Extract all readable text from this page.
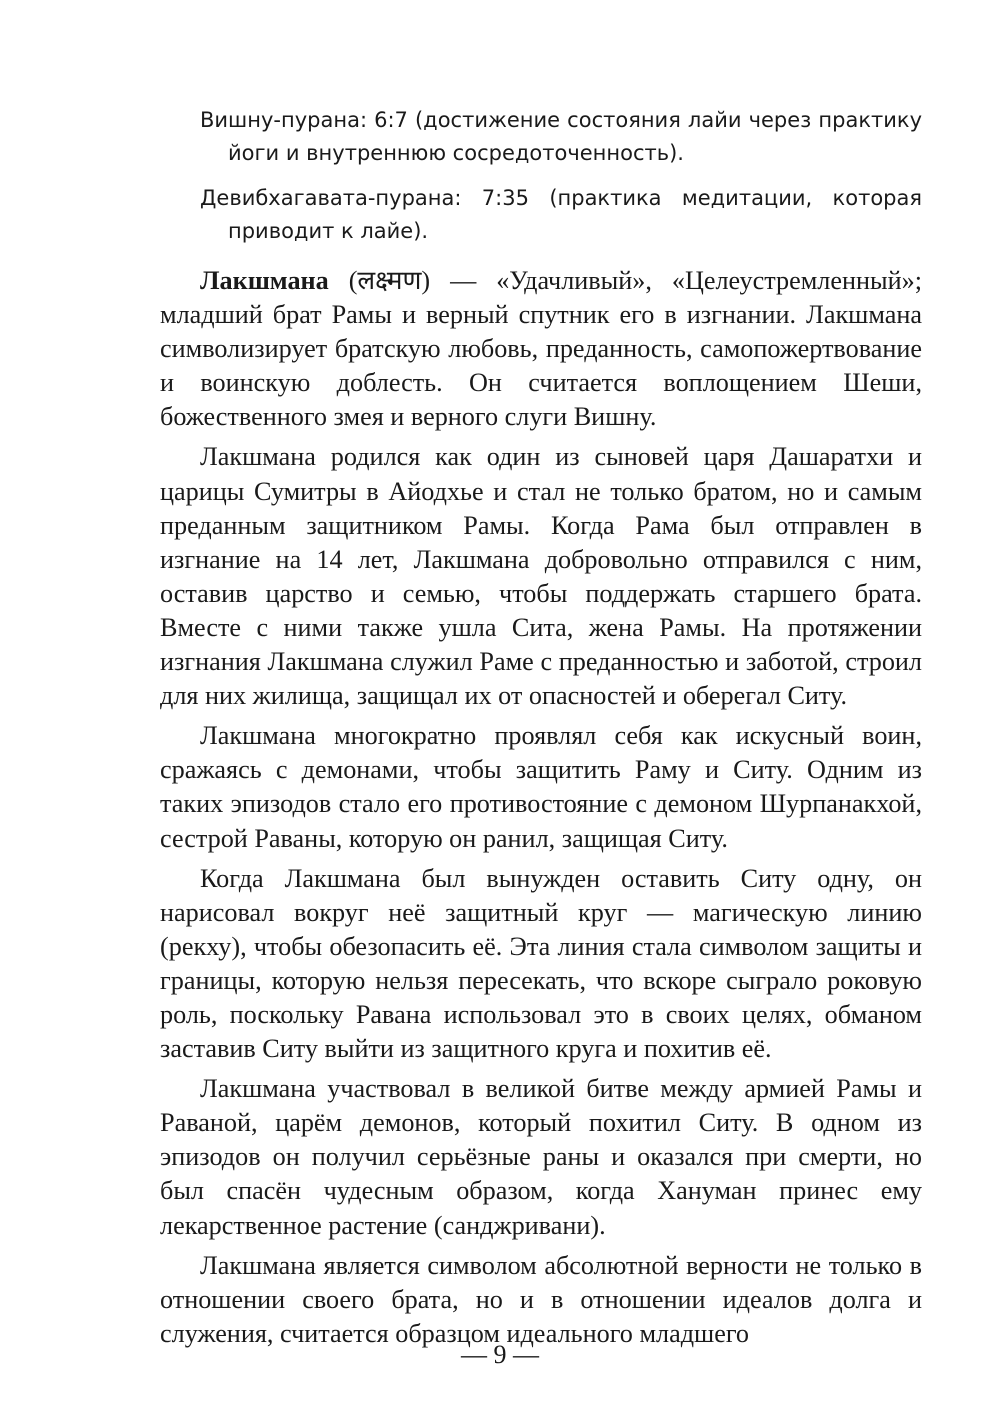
Вишну-пурана: 6:7 (достижение состояния лайи через практику йоги и внутреннюю сосредоточенность).

Девибхагавата-пурана: 7:35 (практика медитации, которая приводит к лайе).

Лакшмана (लक्ष्मण) — «Удачливый», «Целеустремленный»; младший брат Рамы и верный спутник его в изгнании. Лакшмана символизирует братскую любовь, преданность, самопожертвование и воинскую доблесть. Он считается воплощением Шеши, божественного змея и верного слуги Вишну.

Лакшмана родился как один из сыновей царя Дашаратхи и царицы Сумитры в Айодхье и стал не только братом, но и самым преданным защитником Рамы. Когда Рама был отправлен в изгнание на 14 лет, Лакшмана добровольно отправился с ним, оставив царство и семью, чтобы поддержать старшего брата. Вместе с ними также ушла Сита, жена Рамы. На протяжении изгнания Лакшмана служил Раме с преданностью и заботой, строил для них жилища, защищал их от опасностей и оберегал Ситу.

Лакшмана многократно проявлял себя как искусный воин, сражаясь с демонами, чтобы защитить Раму и Ситу. Одним из таких эпизодов стало его противостояние с демоном Шурпанакхой, сестрой Раваны, которую он ранил, защищая Ситу.

Когда Лакшмана был вынужден оставить Ситу одну, он нарисовал вокруг неё защитный круг — магическую линию (рекху), чтобы обезопасить её. Эта линия стала символом защиты и границы, которую нельзя пересекать, что вскоре сыграло роковую роль, поскольку Равана использовал это в своих целях, обманом заставив Ситу выйти из защитного круга и похитив её.

Лакшмана участвовал в великой битве между армией Рамы и Раваной, царём демонов, который похитил Ситу. В одном из эпизодов он получил серьёзные раны и оказался при смерти, но был спасён чудесным образом, когда Хануман принес ему лекарственное растение (санджривани).

Лакшмана является символом абсолютной верности не только в отношении своего брата, но и в отношении идеалов долга и служения, считается образцом идеального младшего

— 9 —
